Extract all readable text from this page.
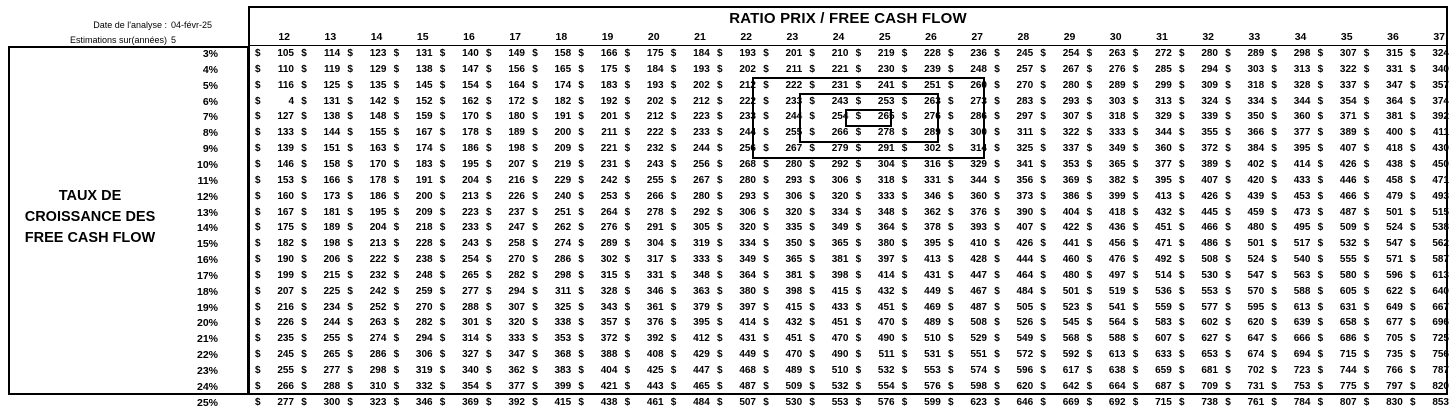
Date de l'analyse : 04-févr-25
Estimations sur(années) 5
RATIO PRIX / FREE CASH FLOW
TAUX DE CROISSANCE DES FREE CASH FLOW
12	13	14	15	16	17	18	19	20	21	22	23	24	25	26	27	28	29	30	31	32	33	34	35	36	37
3%	$ 105 $ 114 $ 123 $ 131 $ 140 $ 149 $ 158 $ 166 $ 175 $ 184 $ 193 $ 201 $ 210 $ 219 $ 228 $ 236 $ 245 $ 254 $ 263 $ 272 $ 280 $ 289 $ 298 $ 307 $ 315 $ 324
4%	$ 110 $ 119 $ 129 $ 138 $ 147 $ 156 $ 165 $ 175 $ 184 $ 193 $ 202 $ 211 $ 221 $ 230 $ 239 $ 248 $ 257 $ 267 $ 276 $ 285 $ 294 $ 303 $ 313 $ 322 $ 331 $ 340
5%	$ 116 $ 125 $ 135 $ 145 $ 154 $ 164 $ 174 $ 183 $ 193 $ 202 $ 212 $ 222 $ 231 $ 241 $ 251 $ 260 $ 270 $ 280 $ 289 $ 299 $ 309 $ 318 $ 328 $ 337 $ 347 $ 357
6%	$	4 $ 131 $ 142 $ 152 $ 162 $ 172 $ 182 $ 192 $ 202 $ 212 $ 222 $ 233 $ 243 $ 253 $ 263 $ 273 $ 283 $ 293 $ 303 $ 313 $ 324 $ 334 $ 344 $ 354 $ 364 $ 374
7%	$ 127 $ 138 $ 148 $ 159 $ 170 $ 180 $ 191 $ 201 $ 212 $ 223 $ 233 $ 244 $ 254 $ 265 $ 276 $ 286 $ 297 $ 307 $ 318 $ 329 $ 339 $ 350 $ 360 $ 371 $ 381 $ 392
8%	$ 133 $ 144 $ 155 $ 167 $ 178 $ 189 $ 200 $ 211 $ 222 $ 233 $ 244 $ 255 $ 266 $ 278 $ 289 $ 300 $ 311 $ 322 $ 333 $ 344 $ 355 $ 366 $ 377 $ 389 $ 400 $ 411
9%	$ 139 $ 151 $ 163 $ 174 $ 186 $ 198 $ 209 $ 221 $ 232 $ 244 $ 256 $ 267 $ 279 $ 291 $ 302 $ 314 $ 325 $ 337 $ 349 $ 360 $ 372 $ 384 $ 395 $ 407 $ 418 $ 430
10%	$ 146 $ 158 $ 170 $ 183 $ 195 $ 207 $ 219 $ 231 $ 243 $ 256 $ 268 $ 280 $ 292 $ 304 $ 316 $ 329 $ 341 $ 353 $ 365 $ 377 $ 389 $ 402 $ 414 $ 426 $ 438 $ 450
11%	$ 153 $ 166 $ 178 $ 191 $ 204 $ 216 $ 229 $ 242 $ 255 $ 267 $ 280 $ 293 $ 306 $ 318 $ 331 $ 344 $ 356 $ 369 $ 382 $ 395 $ 407 $ 420 $ 433 $ 446 $ 458 $ 471
12%	$ 160 $ 173 $ 186 $ 200 $ 213 $ 226 $ 240 $ 253 $ 266 $ 280 $ 293 $ 306 $ 320 $ 333 $ 346 $ 360 $ 373 $ 386 $ 399 $ 413 $ 426 $ 439 $ 453 $ 466 $ 479 $ 493
13%	$ 167 $ 181 $ 195 $ 209 $ 223 $ 237 $ 251 $ 264 $ 278 $ 292 $ 306 $ 320 $ 334 $ 348 $ 362 $ 376 $ 390 $ 404 $ 418 $ 432 $ 445 $ 459 $ 473 $ 487 $ 501 $ 515
14%	$ 175 $ 189 $ 204 $ 218 $ 233 $ 247 $ 262 $ 276 $ 291 $ 305 $ 320 $ 335 $ 349 $ 364 $ 378 $ 393 $ 407 $ 422 $ 436 $ 451 $ 466 $ 480 $ 495 $ 509 $ 524 $ 538
15%	$ 182 $ 198 $ 213 $ 228 $ 243 $ 258 $ 274 $ 289 $ 304 $ 319 $ 334 $ 350 $ 365 $ 380 $ 395 $ 410 $ 426 $ 441 $ 456 $ 471 $ 486 $ 501 $ 517 $ 532 $ 547 $ 562
16%	$ 190 $ 206 $ 222 $ 238 $ 254 $ 270 $ 286 $ 302 $ 317 $ 333 $ 349 $ 365 $ 381 $ 397 $ 413 $ 428 $ 444 $ 460 $ 476 $ 492 $ 508 $ 524 $ 540 $ 555 $ 571 $ 587
17%	$ 199 $ 215 $ 232 $ 248 $ 265 $ 282 $ 298 $ 315 $ 331 $ 348 $ 364 $ 381 $ 398 $ 414 $ 431 $ 447 $ 464 $ 480 $ 497 $ 514 $ 530 $ 547 $ 563 $ 580 $ 596 $ 613
18%	$ 207 $ 225 $ 242 $ 259 $ 277 $ 294 $ 311 $ 328 $ 346 $ 363 $ 380 $ 398 $ 415 $ 432 $ 449 $ 467 $ 484 $ 501 $ 519 $ 536 $ 553 $ 570 $ 588 $ 605 $ 622 $ 640
19%	$ 216 $ 234 $ 252 $ 270 $ 288 $ 307 $ 325 $ 343 $ 361 $ 379 $ 397 $ 415 $ 433 $ 451 $ 469 $ 487 $ 505 $ 523 $ 541 $ 559 $ 577 $ 595 $ 613 $ 631 $ 649 $ 667
20%	$ 226 $ 244 $ 263 $ 282 $ 301 $ 320 $ 338 $ 357 $ 376 $ 395 $ 414 $ 432 $ 451 $ 470 $ 489 $ 508 $ 526 $ 545 $ 564 $ 583 $ 602 $ 620 $ 639 $ 658 $ 677 $ 696
21%	$ 235 $ 255 $ 274 $ 294 $ 314 $ 333 $ 353 $ 372 $ 392 $ 412 $ 431 $ 451 $ 470 $ 490 $ 510 $ 529 $ 549 $ 568 $ 588 $ 607 $ 627 $ 647 $ 666 $ 686 $ 705 $ 725
22%	$ 245 $ 265 $ 286 $ 306 $ 327 $ 347 $ 368 $ 388 $ 408 $ 429 $ 449 $ 470 $ 490 $ 511 $ 531 $ 551 $ 572 $ 592 $ 613 $ 633 $ 653 $ 674 $ 694 $ 715 $ 735 $ 756
23%	$ 255 $ 277 $ 298 $ 319 $ 340 $ 362 $ 383 $ 404 $ 425 $ 447 $ 468 $ 489 $ 510 $ 532 $ 553 $ 574 $ 596 $ 617 $ 638 $ 659 $ 681 $ 702 $ 723 $ 744 $ 766 $ 787
24%	$ 266 $ 288 $ 310 $ 332 $ 354 $ 377 $ 399 $ 421 $ 443 $ 465 $ 487 $ 509 $ 532 $ 554 $ 576 $ 598 $ 620 $ 642 $ 664 $ 687 $ 709 $ 731 $ 753 $ 775 $ 797 $ 820
25%	$ 277 $ 300 $ 323 $ 346 $ 369 $ 392 $ 415 $ 438 $ 461 $ 484 $ 507 $ 530 $ 553 $ 576 $ 599 $ 623 $ 646 $ 669 $ 692 $ 715 $ 738 $ 761 $ 784 $ 807 $ 830 $ 853
